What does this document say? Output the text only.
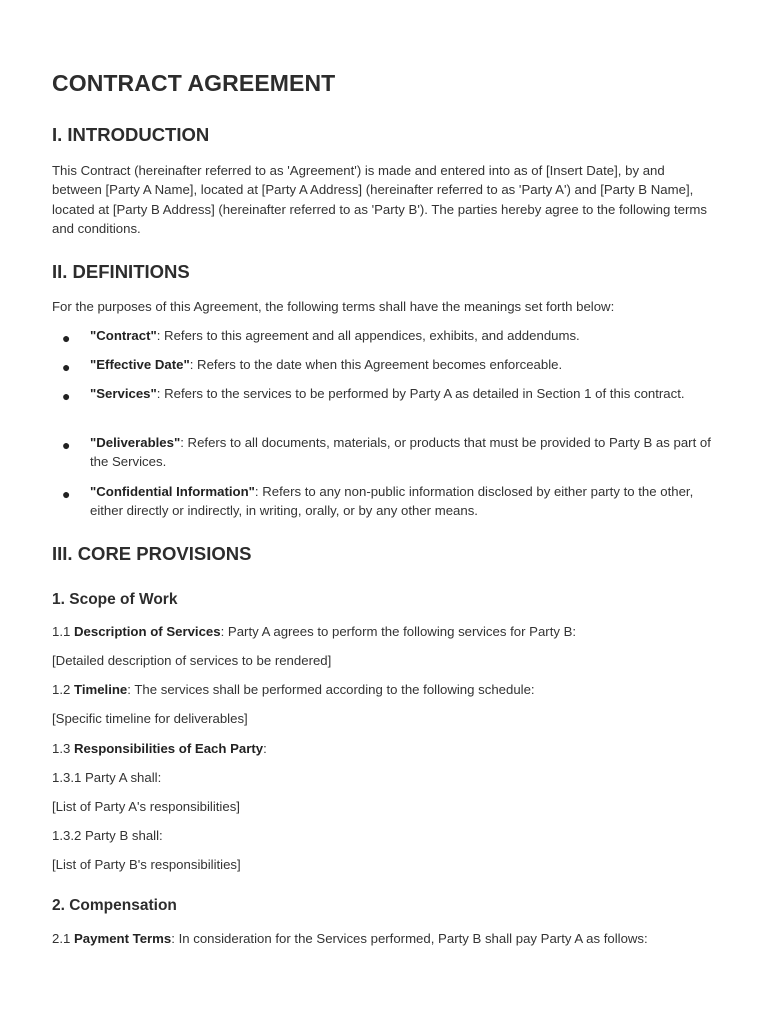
CONTRACT AGREEMENT
I. INTRODUCTION

This Contract (hereinafter referred to as 'Agreement') is made and entered into as of [Insert Date], by and between [Party A Name], located at [Party A Address] (hereinafter referred to as 'Party A') and [Party B Name], located at [Party B Address] (hereinafter referred to as 'Party B'). The parties hereby agree to the following terms and conditions.

II. DEFINITIONS

For the purposes of this Agreement, the following terms shall have the meanings set forth below:

● "Contract": Refers to this agreement and all appendices, exhibits, and addendums.
● "Effective Date": Refers to the date when this Agreement becomes enforceable.
● "Services": Refers to the services to be performed by Party A as detailed in Section 1 of this contract.
● "Deliverables": Refers to all documents, materials, or products that must be provided to Party B as part of the Services.
● "Confidential Information": Refers to any non-public information disclosed by either party to the other, either directly or indirectly, in writing, orally, or by any other means.
III. CORE PROVISIONS
1. Scope of Work

1.1 Description of Services: Party A agrees to perform the following services for Party B:

[Detailed description of services to be rendered]

1.2 Timeline: The services shall be performed according to the following schedule:

[Specific timeline for deliverables]

1.3 Responsibilities of Each Party:

1.3.1 Party A shall:

[List of Party A's responsibilities]

1.3.2 Party B shall:

[List of Party B's responsibilities]

2. Compensation

2.1 Payment Terms: In consideration for the Services performed, Party B shall pay Party A as follows:
